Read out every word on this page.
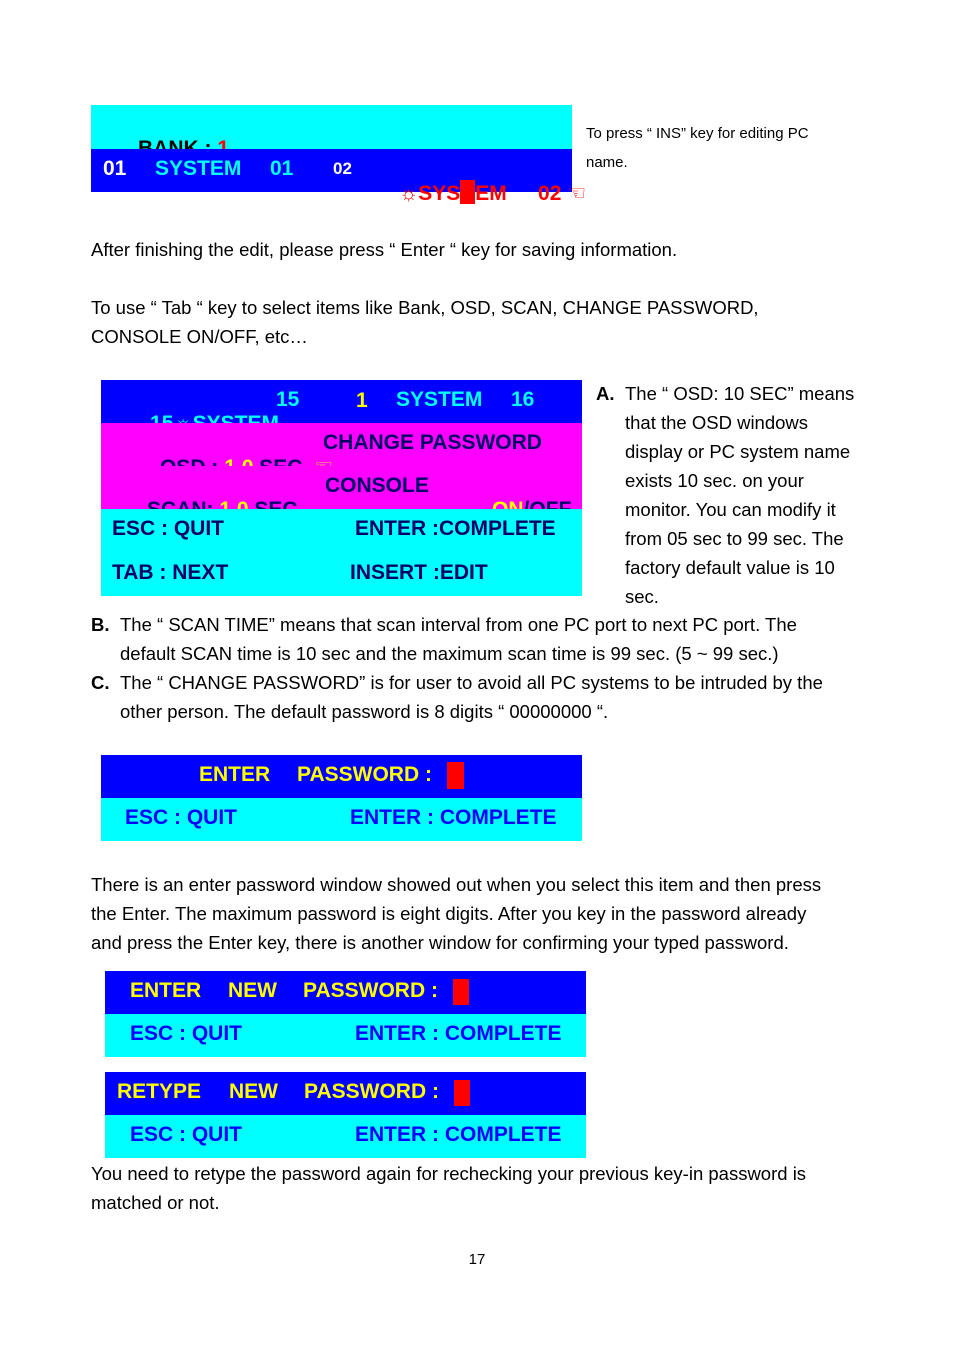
01 SYSTEM 01 02

☼SYS EM
	02 ☜

To press “ INS” key for editing PC
name.
After finishing the edit, please press “ Enter “ key for saving information.
To use “ Tab “ key to select items like Bank, OSD, SCAN, CHANGE PASSWORD,
CONSOLE ON/OFF, etc…

15	1 SYSTEM 16

CHANGE PASSWORD

CONSOLE

ESC : QUIT	ENTER :COMPLETE
TAB : NEXT	INSERT :EDIT
A. The “ OSD: 10 SEC” means
that the OSD windows
display or PC system name
exists 10 sec. on your
monitor. You can modify it
from 05 sec to 99 sec. The
factory default value is 10
sec.
B. The “ SCAN TIME” means that scan interval from one PC port to next PC port. The
default SCAN time is 10 sec and the maximum scan time is 99 sec. (5 ~ 99 sec.)
C. The “ CHANGE PASSWORD” is for user to avoid all PC systems to be intruded by the
other person. The default password is 8 digits “ 00000000 “.
ENTER PASSWORD :
ESC : QUIT	ENTER : COMPLETE
There is an enter password window showed out when you select this item and then press
the Enter. The maximum password is eight digits. After you key in the password already
and press the Enter key, there is another window for confirming your typed password.
ENTER NEW PASSWORD :
ESC : QUIT	ENTER : COMPLETE
RETYPE NEW PASSWORD :
ESC : QUIT	ENTER : COMPLETE
You need to retype the password again for rechecking your previous key-in password is
matched or not.
17
